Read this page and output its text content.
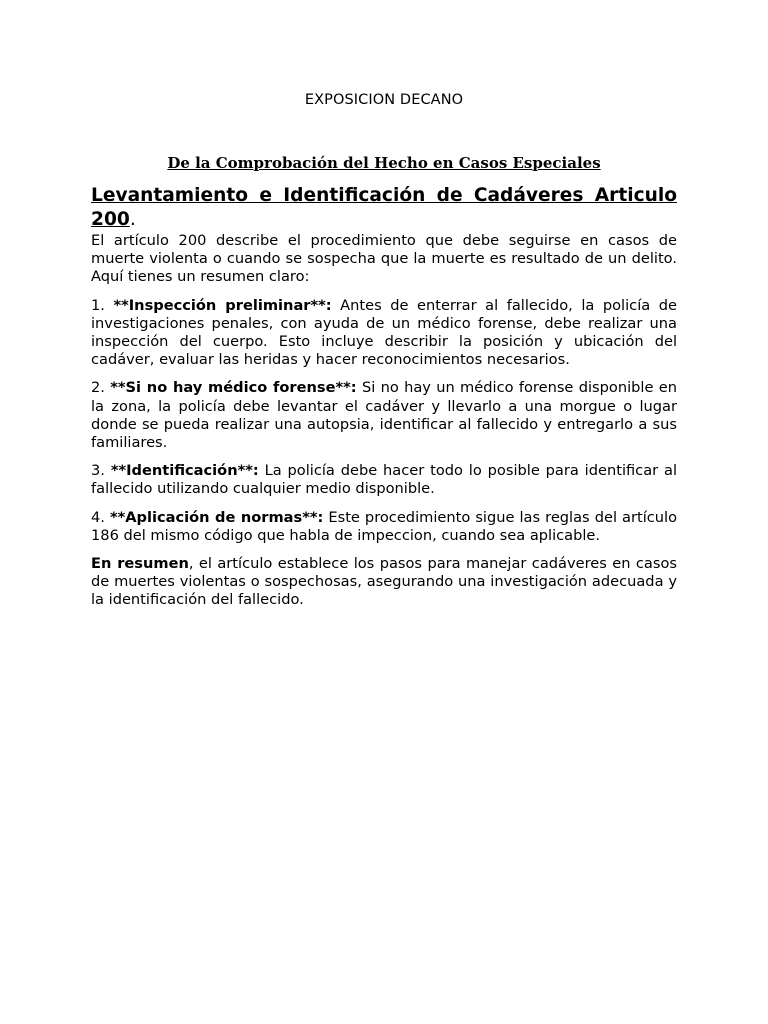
EXPOSICION DECANO
De la Comprobación del Hecho en Casos Especiales

Levantamiento e Identificación de Cadáveres Articulo 200.

El artículo 200 describe el procedimiento que debe seguirse en casos de muerte violenta o cuando se sospecha que la muerte es resultado de un delito. Aquí tienes un resumen claro:

1. **Inspección preliminar**: Antes de enterrar al fallecido, la policía de investigaciones penales, con ayuda de un médico forense, debe realizar una inspección del cuerpo. Esto incluye describir la posición y ubicación del cadáver, evaluar las heridas y hacer reconocimientos necesarios.

2. **Si no hay médico forense**: Si no hay un médico forense disponible en la zona, la policía debe levantar el cadáver y llevarlo a una morgue o lugar donde se pueda realizar una autopsia, identificar al fallecido y entregarlo a sus familiares.

3. **Identificación**: La policía debe hacer todo lo posible para identificar al fallecido utilizando cualquier medio disponible.

4. **Aplicación de normas**: Este procedimiento sigue las reglas del artículo 186 del mismo código que habla de impeccion, cuando sea aplicable.

En resumen, el artículo establece los pasos para manejar cadáveres en casos de muertes violentas o sospechosas, asegurando una investigación adecuada y la identificación del fallecido.
